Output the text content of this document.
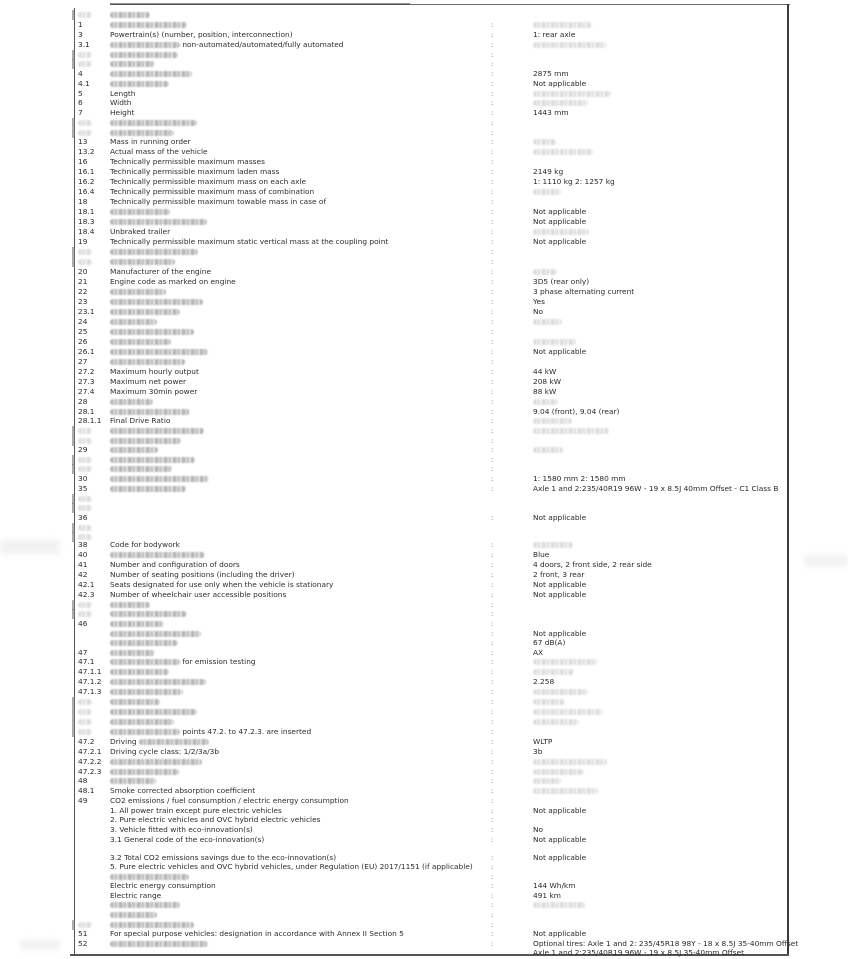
1	:
3	Powertrain(s) (number, position, interconnection)	:	1: rear axle
3.1	non-automated/automated/fully automated	:
:
:
4	:	2875 mm
4.1	:	Not applicable
5	Length	:
6	Width	:
7	Height	:	1443 mm
:
:
13	Mass in running order	:
13.2 Actual mass of the vehicle	:
16	Technically permissible maximum masses	:
16.1 Technically permissible maximum laden mass	:	2149 kg
16.2 Technically permissible maximum mass on each axle	:	1: 1110 kg 2: 1257 kg
16.4 Technically permissible maximum mass of combination	:
18	Technically permissible maximum towable mass in case of	:
18.1	:	Not applicable
18.3	:	Not applicable
18.4 Unbraked trailer	:
19	Technically permissible maximum static vertical mass at the coupling point	:	Not applicable
:
:
20	Manufacturer of the engine	:
21	Engine code as marked on engine	:	3D5 (rear only)
22	:	3 phase alternating current
23	:	Yes
23.1	:	No
24	:
25	:
26	:
26.1	:	Not applicable
27	:
27.2 Maximum hourly output	:	44 kW
27.3 Maximum net power	:	208 kW
27.4 Maximum 30min power	:	88 kW
28	:
28.1	:	9.04 (front), 9.04 (rear)
28.1.1 Final Drive Ratio	:
:
:
29	:
:
:
30	:	1: 1580 mm 2: 1580 mm
35	:	Axle 1 and 2:235/40R19 96W - 19 x 8.5J 40mm Offset - C1 Class B
36	:	Not applicable
38	Code for bodywork	:
40	:	Blue
41	Number and configuration of doors	:	4 doors, 2 front side, 2 rear side
42	Number of seating positions (including the driver)	:	2 front, 3 rear
42.1 Seats designated for use only when the vehicle is stationary	:	Not applicable
42.3 Number of wheelchair user accessible positions	:	Not applicable
:
:
46	:
:	Not applicable
:	67 dB(A)
47	:	AX
47.1	for emission testing	:
47.1.1	:
47.1.2	:	2.258
47.1.3	:
:
:
:
points 47.2. to 47.2.3. are inserted	:
47.2 Driving	:	WLTP
47.2.1 Driving cycle class: 1/2/3a/3b	:	3b
47.2.2	:
47.2.3	:
48	:
48.1 Smoke corrected absorption coefficient	:
49	CO2 emissions / fuel consumption / electric energy consumption	:
1. All power train except pure electric vehicles	:	Not applicable
2. Pure electric vehicles and OVC hybrid electric vehicles	:
3. Vehicle fitted with eco-innovation(s)	:	No
3.1 General code of the eco-innovation(s)	:	Not applicable
3.2 Total CO2 emissions savings due to the eco-innovation(s)	:	Not applicable
5. Pure electric vehicles and OVC hybrid vehicles, under Regulation (EU) 2017/1151 (if applicable)	:
:
Electric energy consumption	:	144 Wh/km
Electric range	:	491 km
:
:
:
51	For special purpose vehicles: designation in accordance with Annex II Section 5	:	Not applicable
52	:	Optional tires: Axle 1 and 2: 235/45R18 98Y - 18 x 8.5J 35-40mm Offset
Axle 1 and 2:235/40R19 96W - 19 x 8.5J 35-40mm Offset
